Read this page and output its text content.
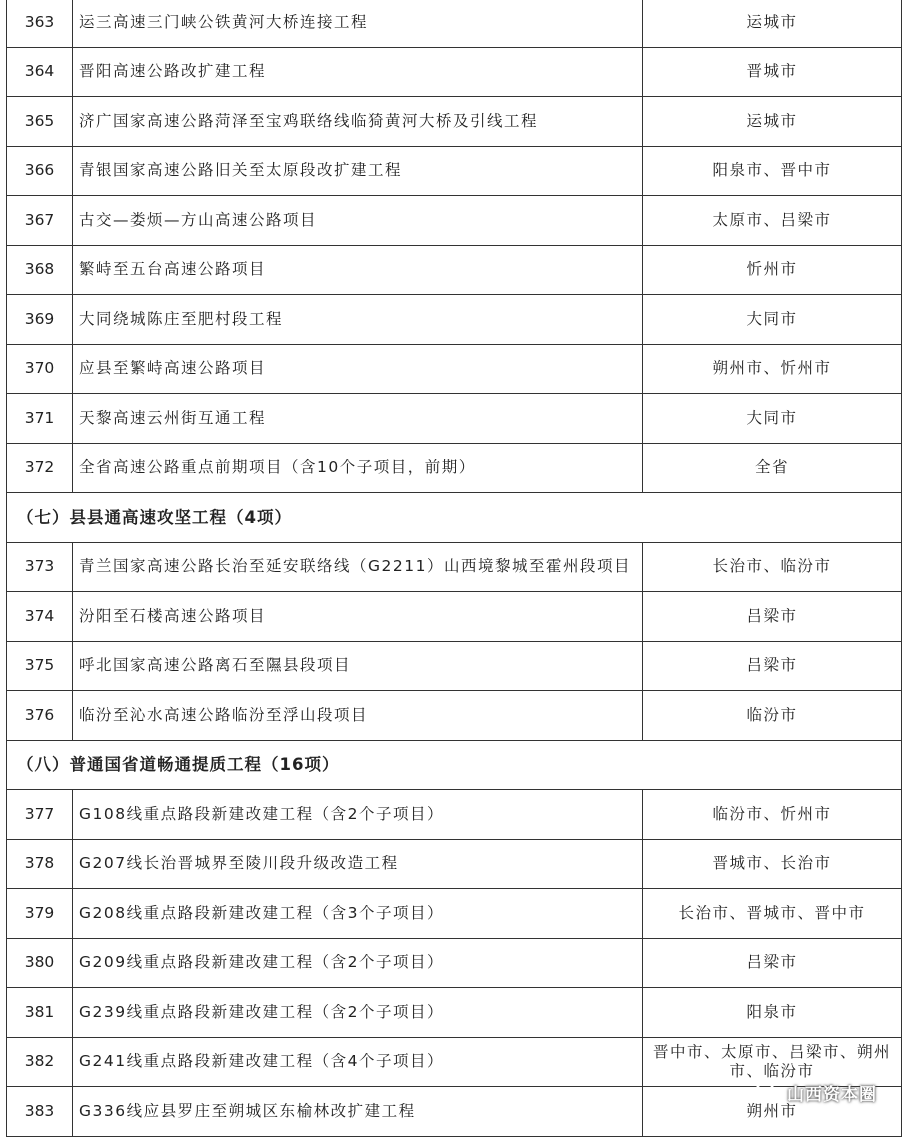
363	运三高速三门峡公铁黄河大桥连接工程	运城市
364	晋阳高速公路改扩建工程	晋城市
365	济广国家高速公路菏泽至宝鸡联络线临猗黄河大桥及引线工程	运城市
366	青银国家高速公路旧关至太原段改扩建工程	阳泉市、晋中市
367	古交—娄烦—方山高速公路项目	太原市、吕梁市
368	繁峙至五台高速公路项目	忻州市
369	大同绕城陈庄至肥村段工程	大同市
370	应县至繁峙高速公路项目	朔州市、忻州市
371	天黎高速云州街互通工程	大同市
372	全省高速公路重点前期项目（含10个子项目，前期）	全省
（七）县县通高速攻坚工程（4项）		
373	青兰国家高速公路长治至延安联络线（G2211）山西境黎城至霍州段项目	长治市、临汾市
374	汾阳至石楼高速公路项目	吕梁市
375	呼北国家高速公路离石至隰县段项目	吕梁市
376	临汾至沁水高速公路临汾至浮山段项目	临汾市
（八）普通国省道畅通提质工程（16项）		
377	G108线重点路段新建改建工程（含2个子项目）	临汾市、忻州市
378	G207线长治晋城界至陵川段升级改造工程	晋城市、长治市
379	G208线重点路段新建改建工程（含3个子项目）	长治市、晋城市、晋中市
380	G209线重点路段新建改建工程（含2个子项目）	吕梁市
381	G239线重点路段新建改建工程（含2个子项目）	阳泉市
382	G241线重点路段新建改建工程（含4个子项目）	晋中市、太原市、吕梁市、朔州市、临汾市
383	G336线应县罗庄至朔城区东榆林改扩建工程	朔州市
山西资本圈
